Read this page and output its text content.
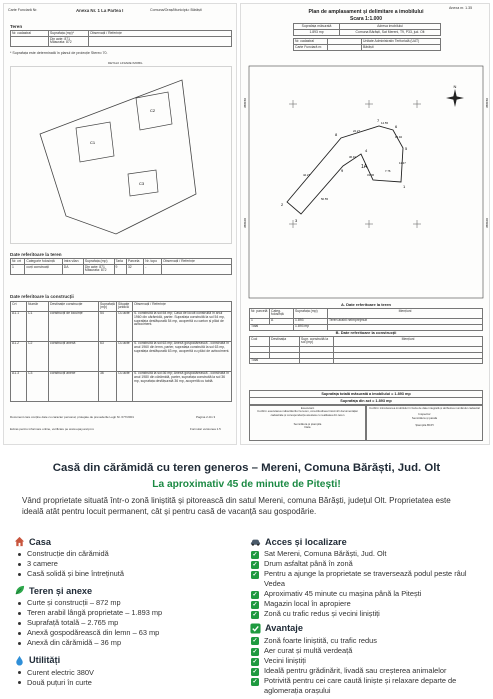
Carte Funciară Nr.	Anexa Nr. 1 La Partea I	Comuna/Oraș/Municipiu: Bărăști
Teren
Nr. cadastral	Suprafața (mp)*	Observații / Referințe
	Din acte: 871
Măsurata: 872	
* Suprafața este determinată în planul de proiecție Stereo 70.
DETALII LINIARE IMOBIL
C1
C2
C3
Date referitoare la teren
Nr. crt	Categorie folosință	Intra vilan	Suprafața (mp)	Tarla	Parcela	Nr. topo	Observații / Referințe
1	curți construcții	DA	Din acte: 871
Măsurata: 872	9	32	-	
Date referitoare la construcții
Crt	Număr	Destinație construcție	Suprafață (mp)	Situație juridică	Observații / Referințe
A1.1	C1	construcții de locuințe	54	Cu acte	S. construită la sol:54 mp; Casa de locuit construită în anul 1960 din cărămidă, parter. Suprafața construită la sol 54 mp, suprafața desfășurată 54 mp, acoperită cu carton și plăci de azbociment.
A1.2	C2	construcții anexă	63	Cu acte	S. construită la sol:63 mp; Anexă gospodărească - construită în anul 1960 din lemn, parter, suprafața construită la sol 63 mp, suprafața desfășurată 63 mp, acoperită cu plăci de azbociment.
A1.3	C3	construcții anexe	36	Cu acte	S. construită la sol:36 mp; Anexă gospodărească - construită în anul 1980 din cărămidă, parter, suprafața construită la sol 36 mp, suprafața desfășurată 36 mp, acoperită cu tablă.
Document care conține date cu caracter personal, protejate de prevederile Legii Nr. 677/2001	Pagina 2 din 3
Extras pentru informare online, verificare pe www.epay.ancpi.ro	Formular versiunea 1.5
Anexa nr. 1.35
Plan de amplasament și delimitare a imobilului
Scara 1:1.000
Suprafața măsurată	Adresa imobilului
1.893 mp	Comuna Bărăști, Sat Mereni, T9, P33, jud. Olt
Nr. cadastral		Unitate Administrativ Teritorială (UAT)
Carte Funciară nr.		Bărăști
358150
358100
358150
358100
N
2
3
1
5
6
7
8
9
4
1A
22.27
14.55
10.92
11.27
42.27
50.55
36.91
31.06
7.76
A. Date referitoare la teren
Nr. parcelă	Categ. folosință	Suprafața (mp)	Mențiuni
1	A	1.893	Teren arabil neimprejmuit
Total		1.893 mp	
B. Date referitoare la construcții
Cod	Destinația	Supr. construită la sol (mp)	Mențiuni

Total			
Suprafața totală măsurată a imobilului = 1.893 mp
Suprafața din act = 1.893 mp
Executant
Confirm executarea măsurătorilor la teren, corectitudinea întocmirii documentației cadastrale și corespondența acesteia cu realitatea din teren
Semnătura și ștampila
Data
Confirm introducerea imobilului în baza de date integrată și atribuirea numărului cadastral
Inspector
Semnătura și parafa
Ștampila BCPI
Casă din cărămidă cu teren generos – Mereni, Comuna Bărăști, Jud. Olt
La aproximativ 45 de minute de Pitești!
Vând proprietate situată într-o zonă liniștită și pitorească din satul Mereni, comuna Bărăști, județul Olt. Proprietatea este ideală atât pentru locuit permanent, cât și pentru casă de vacanță sau gospodărie.
Casa
Construcție din cărămidă
3 camere
Casă solidă și bine întreținută
Teren și anexe
Curte și construcții – 872 mp
Teren arabil lângă proprietate – 1.893 mp
Suprafață totală – 2.765 mp
Anexă gospodărească din lemn – 63 mp
Anexă din cărămidă – 36 mp
Utilități
Curent electric 380V
Două puțuri în curte
Acces și localizare
✓ Sat Mereni, Comuna Bărăști, Jud. Olt
✓ Drum asfaltat până în zonă
✓ Pentru a ajunge la proprietate se traversează podul peste râul Vedea
✓ Aproximativ 45 minute cu mașina până la Pitești
✓ Magazin local în apropiere
✓ Zonă cu trafic redus și vecini liniștiți
Avantaje
✓ Zonă foarte liniștită, cu trafic redus
✓ Aer curat și multă verdeață
✓ Vecini liniștiți
✓ Ideală pentru grădinărit, livadă sau creșterea animalelor
✓ Potrivită pentru cei care caută liniște și relaxare departe de aglomerația orașului
